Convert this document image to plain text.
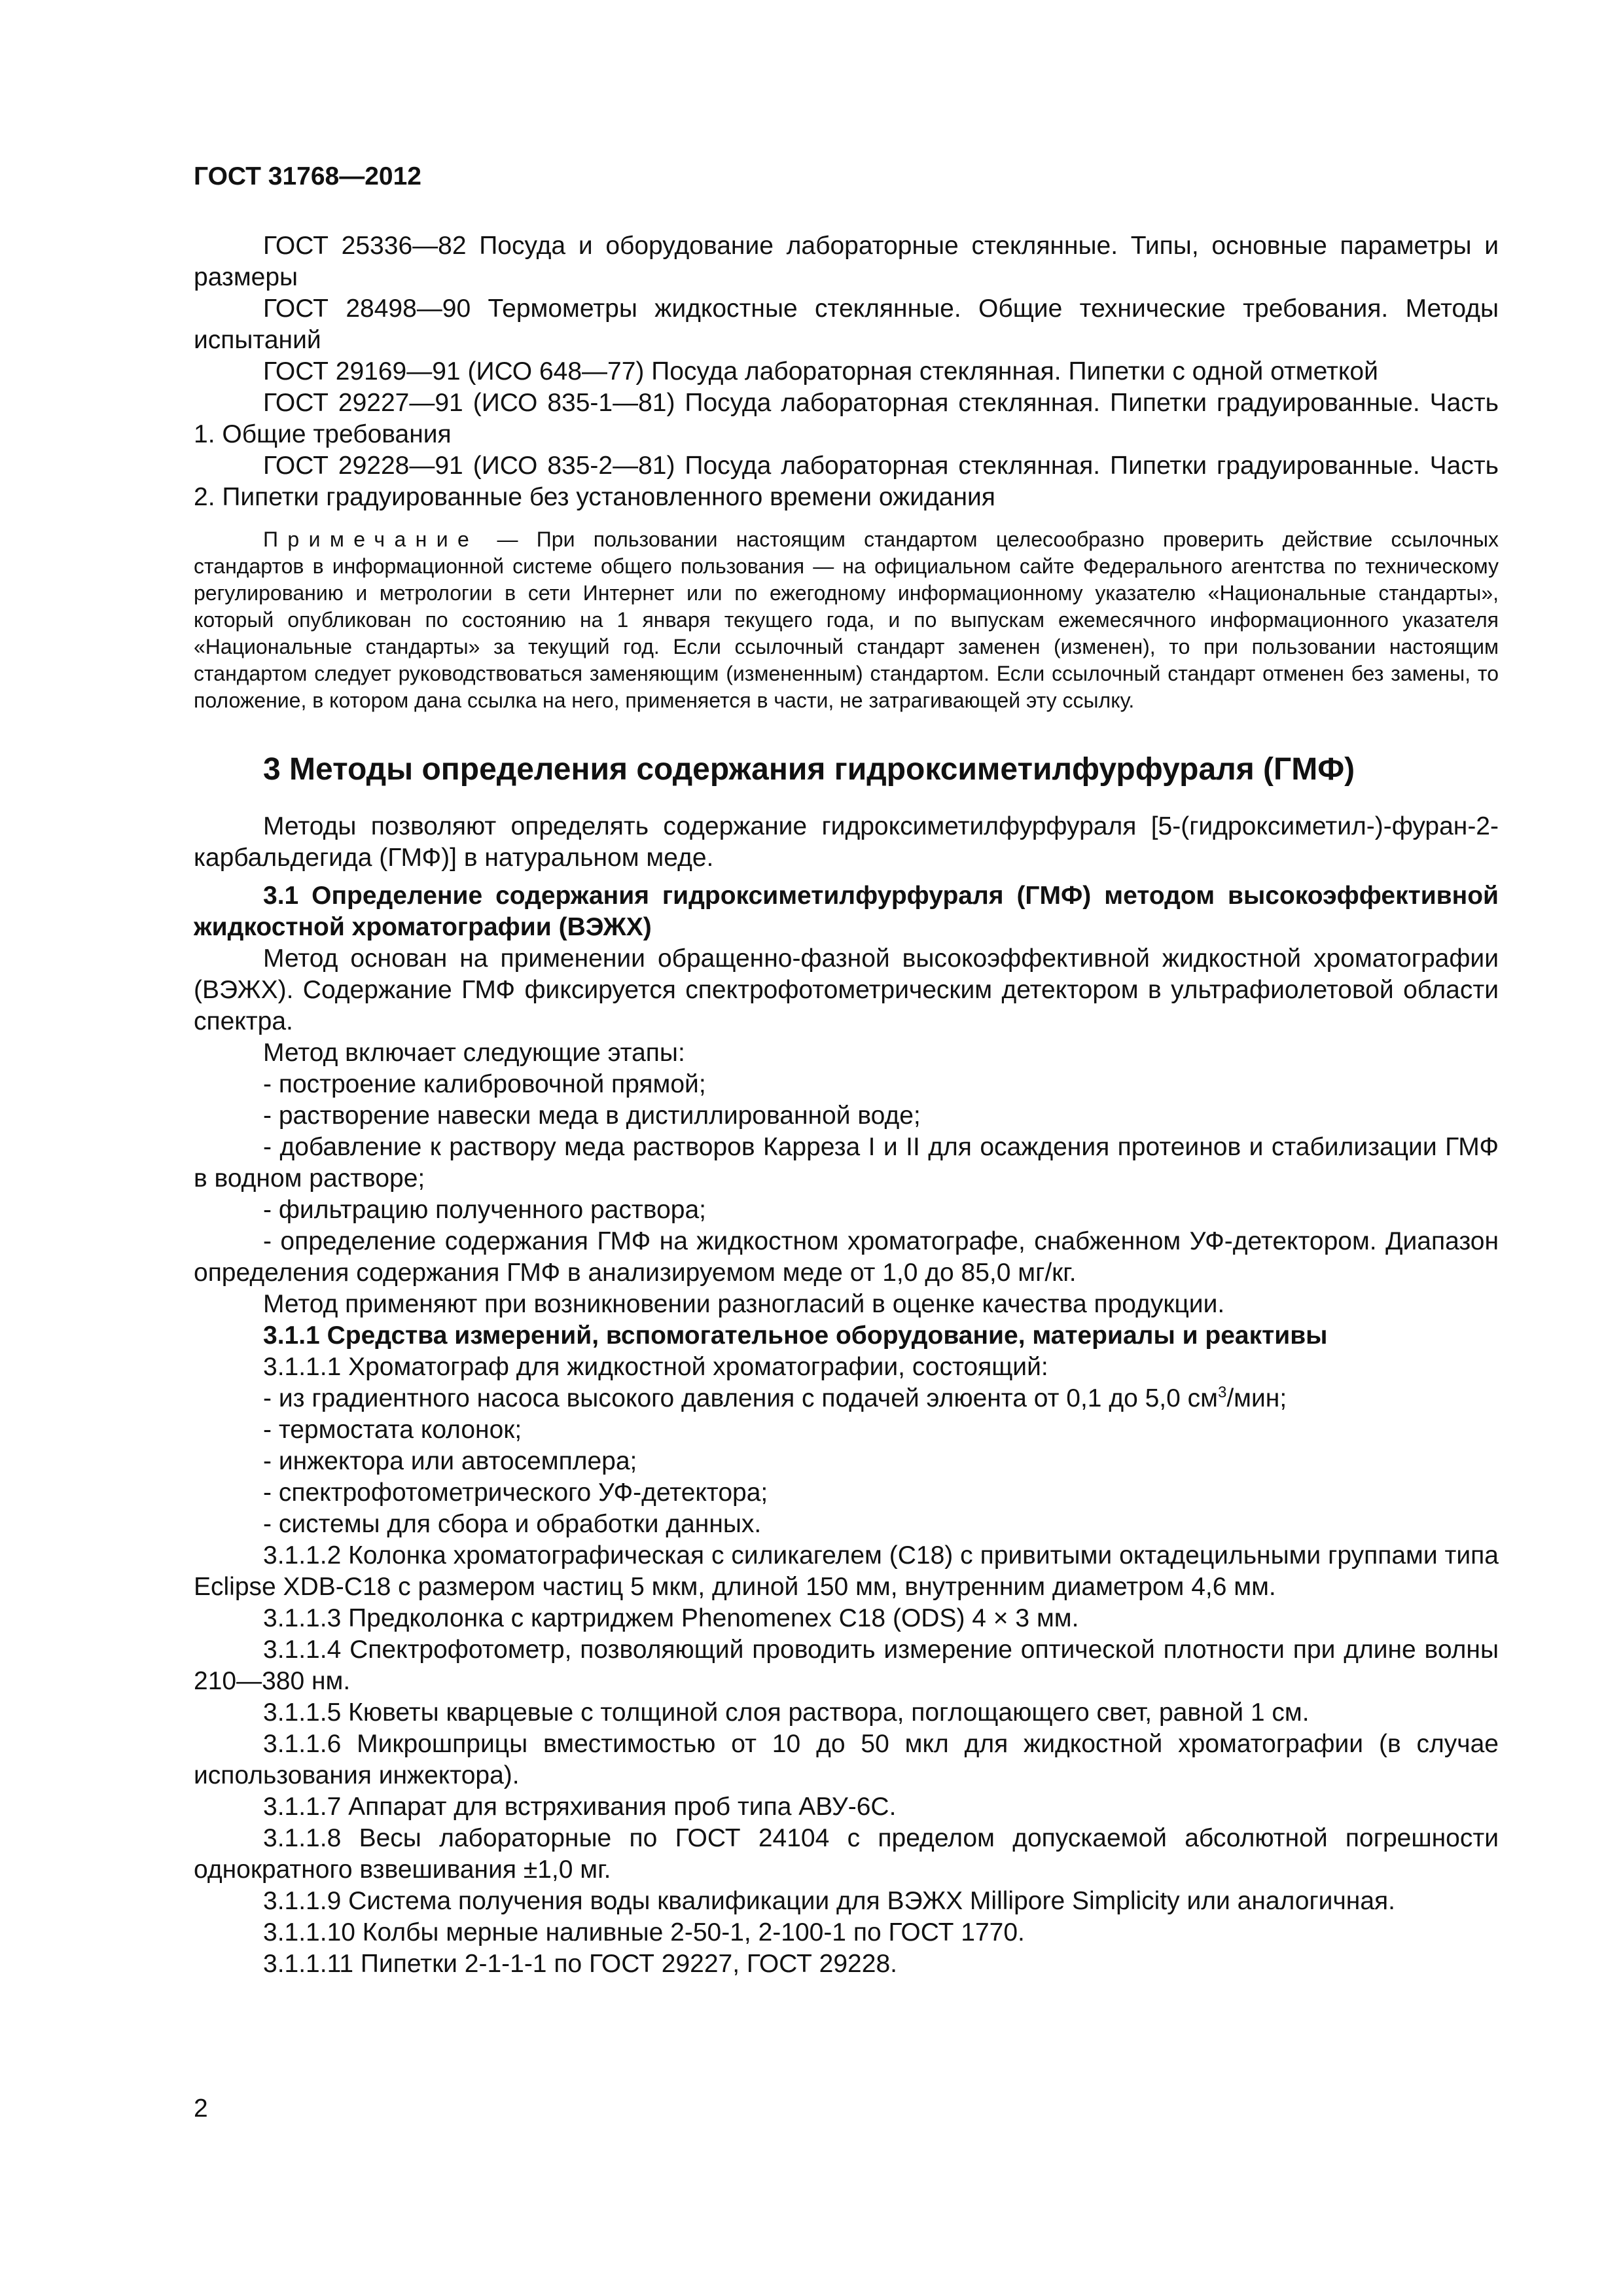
ГОСТ 31768—2012

ГОСТ 25336—82 Посуда и оборудование лабораторные стеклянные. Типы, основные параметры и размеры

ГОСТ 28498—90 Термометры жидкостные стеклянные. Общие технические требования. Методы испытаний

ГОСТ 29169—91 (ИСО 648—77) Посуда лабораторная стеклянная. Пипетки с одной отметкой

ГОСТ 29227—91 (ИСО 835-1—81) Посуда лабораторная стеклянная. Пипетки градуированные. Часть 1. Общие требования

ГОСТ 29228—91 (ИСО 835-2—81) Посуда лабораторная стеклянная. Пипетки градуированные. Часть 2. Пипетки градуированные без установленного времени ожидания

Примечание — При пользовании настоящим стандартом целесообразно проверить действие ссылочных стандартов в информационной системе общего пользования — на официальном сайте Федерального агентства по техническому регулированию и метрологии в сети Интернет или по ежегодному информационному указателю «Национальные стандарты», который опубликован по состоянию на 1 января текущего года, и по выпускам ежемесячного информационного указателя «Национальные стандарты» за текущий год. Если ссылочный стандарт заменен (изменен), то при пользовании настоящим стандартом следует руководствоваться заменяющим (измененным) стандартом. Если ссылочный стандарт отменен без замены, то положение, в котором дана ссылка на него, применяется в части, не затрагивающей эту ссылку.

3 Методы определения содержания гидроксиметилфурфураля (ГМФ)

Методы позволяют определять содержание гидроксиметилфурфураля [5-(гидроксиметил-)-фуран-2-карбальдегида (ГМФ)] в натуральном меде.

3.1 Определение содержания гидроксиметилфурфураля (ГМФ) методом высокоэффективной жидкостной хроматографии (ВЭЖХ)

Метод основан на применении обращенно-фазной высокоэффективной жидкостной хроматографии (ВЭЖХ). Содержание ГМФ фиксируется спектрофотометрическим детектором в ультрафиолетовой области спектра.

Метод включает следующие этапы:

- построение калибровочной прямой;

- растворение навески меда в дистиллированной воде;

- добавление к раствору меда растворов Карреза I и II для осаждения протеинов и стабилизации ГМФ в водном растворе;

- фильтрацию полученного раствора;

- определение содержания ГМФ на жидкостном хроматографе, снабженном УФ-детектором. Диапазон определения содержания ГМФ в анализируемом меде от 1,0 до 85,0 мг/кг.

Метод применяют при возникновении разногласий в оценке качества продукции.

3.1.1 Средства измерений, вспомогательное оборудование, материалы и реактивы

3.1.1.1 Хроматограф для жидкостной хроматографии, состоящий:

- из градиентного насоса высокого давления с подачей элюента от 0,1 до 5,0 $см^3$/мин;

- термостата колонок;

- инжектора или автосемплера;

- спектрофотометрического УФ-детектора;

- системы для сбора и обработки данных.

3.1.1.2 Колонка хроматографическая с силикагелем (С18) с привитыми октадецильными группами типа Eclipse XDB-C18 с размером частиц 5 мкм, длиной 150 мм, внутренним диаметром 4,6 мм.

3.1.1.3 Предколонка с картриджем Phenomenex C18 (ODS) 4 × 3 мм.

3.1.1.4 Спектрофотометр, позволяющий проводить измерение оптической плотности при длине волны 210—380 нм.

3.1.1.5 Кюветы кварцевые с толщиной слоя раствора, поглощающего свет, равной 1 см.

3.1.1.6 Микрошприцы вместимостью от 10 до 50 мкл для жидкостной хроматографии (в случае использования инжектора).

3.1.1.7 Аппарат для встряхивания проб типа АВУ-6С.

3.1.1.8 Весы лабораторные по ГОСТ 24104 с пределом допускаемой абсолютной погрешности однократного взвешивания ±1,0 мг.

3.1.1.9 Система получения воды квалификации для ВЭЖХ Millipore Simplicity или аналогичная.

3.1.1.10 Колбы мерные наливные 2-50-1, 2-100-1 по ГОСТ 1770.

3.1.1.11 Пипетки 2-1-1-1 по ГОСТ 29227, ГОСТ 29228.

2
